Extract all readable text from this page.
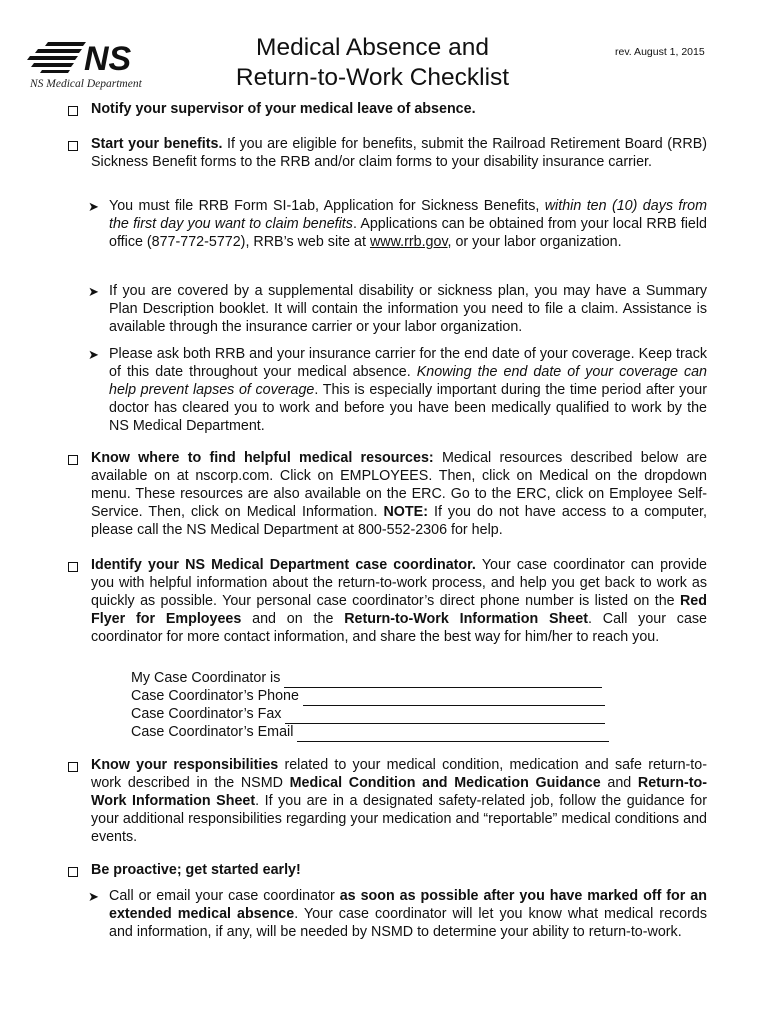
NS
NS Medical Department
Medical Absence and
Return-to-Work Checklist
rev. August 1, 2015
Notify your supervisor of your medical leave of absence.
Start your benefits. If you are eligible for benefits, submit the Railroad Retirement Board (RRB) Sickness Benefit forms to the RRB and/or claim forms to your disability insurance carrier.
➤ You must file RRB Form SI-1ab, Application for Sickness Benefits, within ten (10) days from the first day you want to claim benefits. Applications can be obtained from your local RRB field office (877-772-5772), RRB’s web site at www.rrb.gov, or your labor organization.
➤ If you are covered by a supplemental disability or sickness plan, you may have a Summary Plan Description booklet. It will contain the information you need to file a claim. Assistance is available through the insurance carrier or your labor organization.
➤ Please ask both RRB and your insurance carrier for the end date of your coverage. Keep track of this date throughout your medical absence. Knowing the end date of your coverage can help prevent lapses of coverage. This is especially important during the time period after your doctor has cleared you to work and before you have been medically qualified to work by the NS Medical Department.
Know where to find helpful medical resources: Medical resources described below are available on at nscorp.com. Click on EMPLOYEES. Then, click on Medical on the dropdown menu. These resources are also available on the ERC. Go to the ERC, click on Employee Self-Service. Then, click on Medical Information. NOTE: If you do not have access to a computer, please call the NS Medical Department at 800-552-2306 for help.
Identify your NS Medical Department case coordinator. Your case coordinator can provide you with helpful information about the return-to-work process, and help you get back to work as quickly as possible. Your personal case coordinator’s direct phone number is listed on the Red Flyer for Employees and on the Return-to-Work Information Sheet. Call your case coordinator for more contact information, and share the best way for him/her to reach you.
My Case Coordinator is
Case Coordinator’s Phone
Case Coordinator’s Fax
Case Coordinator’s Email
Know your responsibilities related to your medical condition, medication and safe return-to-work described in the NSMD Medical Condition and Medication Guidance and Return-to-Work Information Sheet. If you are in a designated safety-related job, follow the guidance for your additional responsibilities regarding your medication and “reportable” medical conditions and events.
Be proactive; get started early!
➤ Call or email your case coordinator as soon as possible after you have marked off for an extended medical absence. Your case coordinator will let you know what medical records and information, if any, will be needed by NSMD to determine your ability to return-to-work.
